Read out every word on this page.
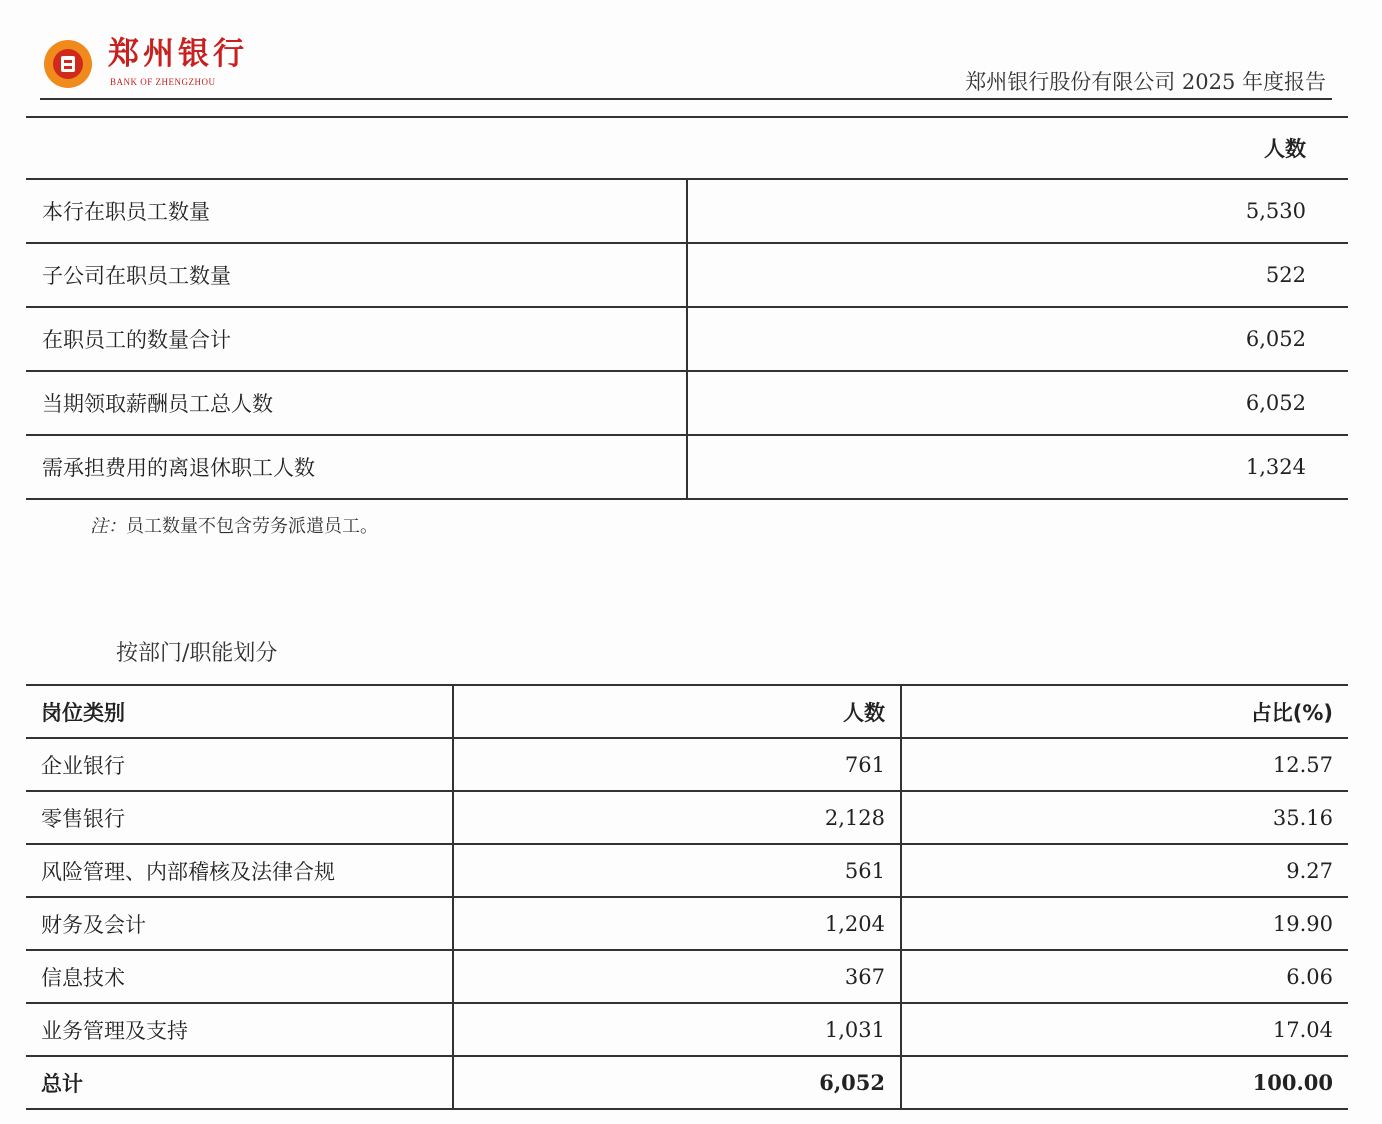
郑州银行
BANK OF ZHENGZHOU	郑州银行股份有限公司 2025 年度报告
	人数
本行在职员工数量	5,530
子公司在职员工数量	522
在职员工的数量合计	6,052
当期领取薪酬员工总人数	6,052
需承担费用的离退休职工人数	1,324
注：员工数量不包含劳务派遣员工。
按部门/职能划分
岗位类别	人数	占比(%)
企业银行	761	12.57
零售银行	2,128	35.16
风险管理、内部稽核及法律合规	561	9.27
财务及会计	1,204	19.90
信息技术	367	6.06
业务管理及支持	1,031	17.04
总计	6,052	100.00
